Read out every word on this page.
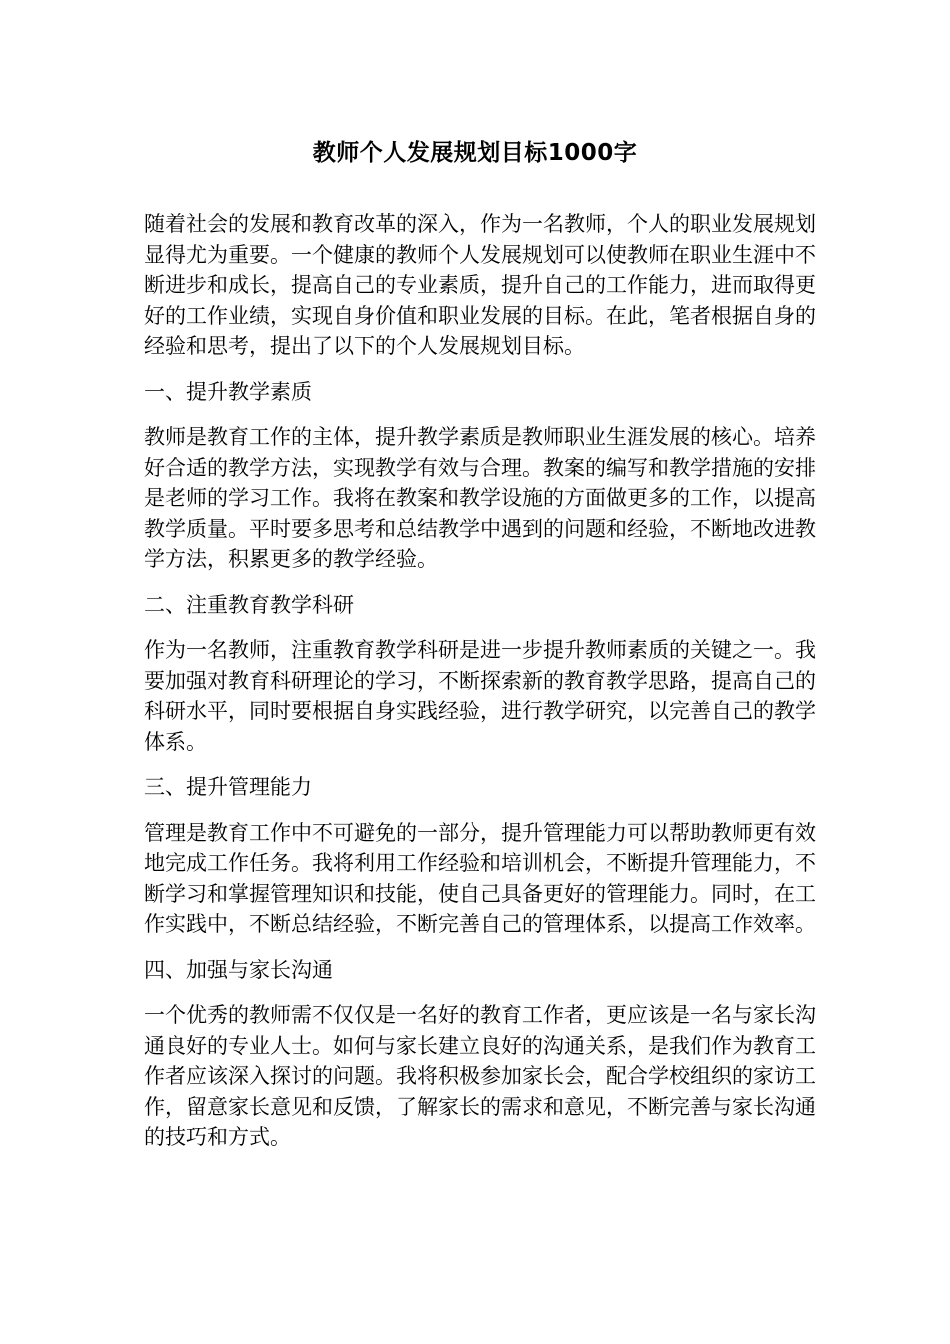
教师个人发展规划目标1000字

随着社会的发展和教育改革的深入，作为一名教师，个人的职业发展规划显得尤为重要。一个健康的教师个人发展规划可以使教师在职业生涯中不断进步和成长，提高自己的专业素质，提升自己的工作能力，进而取得更好的工作业绩，实现自身价值和职业发展的目标。在此，笔者根据自身的经验和思考，提出了以下的个人发展规划目标。

一、提升教学素质

教师是教育工作的主体，提升教学素质是教师职业生涯发展的核心。培养好合适的教学方法，实现教学有效与合理。教案的编写和教学措施的安排是老师的学习工作。我将在教案和教学设施的方面做更多的工作，以提高教学质量。平时要多思考和总结教学中遇到的问题和经验，不断地改进教学方法，积累更多的教学经验。

二、注重教育教学科研

作为一名教师，注重教育教学科研是进一步提升教师素质的关键之一。我要加强对教育科研理论的学习，不断探索新的教育教学思路，提高自己的科研水平，同时要根据自身实践经验，进行教学研究，以完善自己的教学体系。

三、提升管理能力

管理是教育工作中不可避免的一部分，提升管理能力可以帮助教师更有效地完成工作任务。我将利用工作经验和培训机会，不断提升管理能力，不断学习和掌握管理知识和技能，使自己具备更好的管理能力。同时，在工作实践中，不断总结经验，不断完善自己的管理体系，以提高工作效率。

四、加强与家长沟通

一个优秀的教师需不仅仅是一名好的教育工作者，更应该是一名与家长沟通良好的专业人士。如何与家长建立良好的沟通关系，是我们作为教育工作者应该深入探讨的问题。我将积极参加家长会，配合学校组织的家访工作，留意家长意见和反馈，了解家长的需求和意见，不断完善与家长沟通的技巧和方式。
